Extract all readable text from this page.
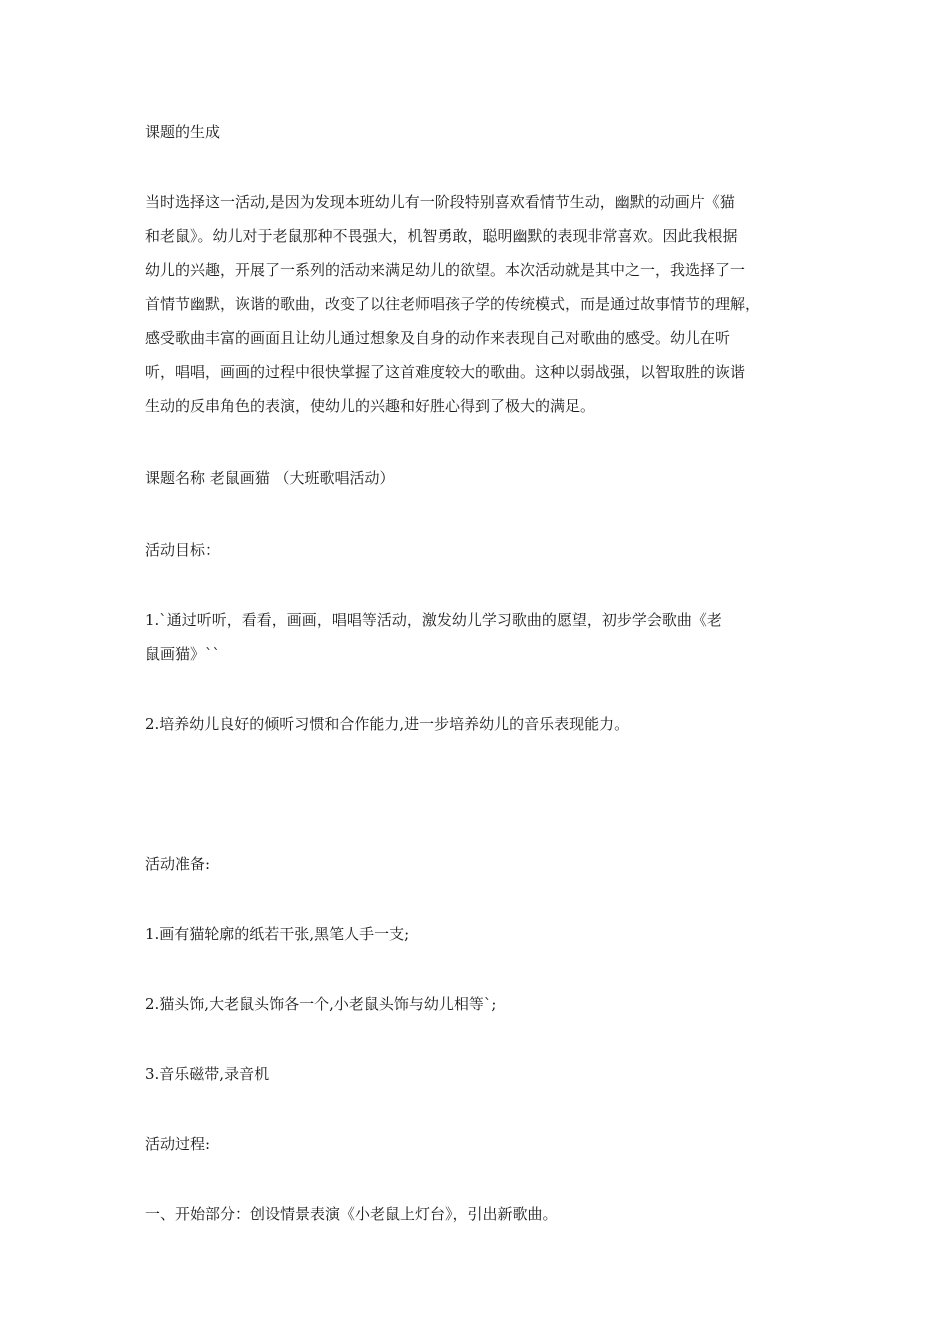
课题的生成
当时选择这一活动,是因为发现本班幼儿有一阶段特别喜欢看情节生动，幽默的动画片《猫
和老鼠》。幼儿对于老鼠那种不畏强大，机智勇敢，聪明幽默的表现非常喜欢。因此我根据
幼儿的兴趣，开展了一系列的活动来满足幼儿的欲望。本次活动就是其中之一，我选择了一
首情节幽默，诙谐的歌曲，改变了以往老师唱孩子学的传统模式，而是通过故事情节的理解，
感受歌曲丰富的画面且让幼儿通过想象及自身的动作来表现自己对歌曲的感受。幼儿在听
听，唱唱，画画的过程中很快掌握了这首难度较大的歌曲。这种以弱战强，以智取胜的诙谐
生动的反串角色的表演，使幼儿的兴趣和好胜心得到了极大的满足。
课题名称 老鼠画猫 （大班歌唱活动）
活动目标：
1.`通过听听，看看，画画，唱唱等活动，激发幼儿学习歌曲的愿望，初步学会歌曲《老
鼠画猫》``
2.培养幼儿良好的倾听习惯和合作能力,进一步培养幼儿的音乐表现能力。
活动准备:
1.画有猫轮廓的纸若干张,黑笔人手一支;
2.猫头饰,大老鼠头饰各一个,小老鼠头饰与幼儿相等`;
3.音乐磁带,录音机
活动过程:
一、开始部分：创设情景表演《小老鼠上灯台》，引出新歌曲。
